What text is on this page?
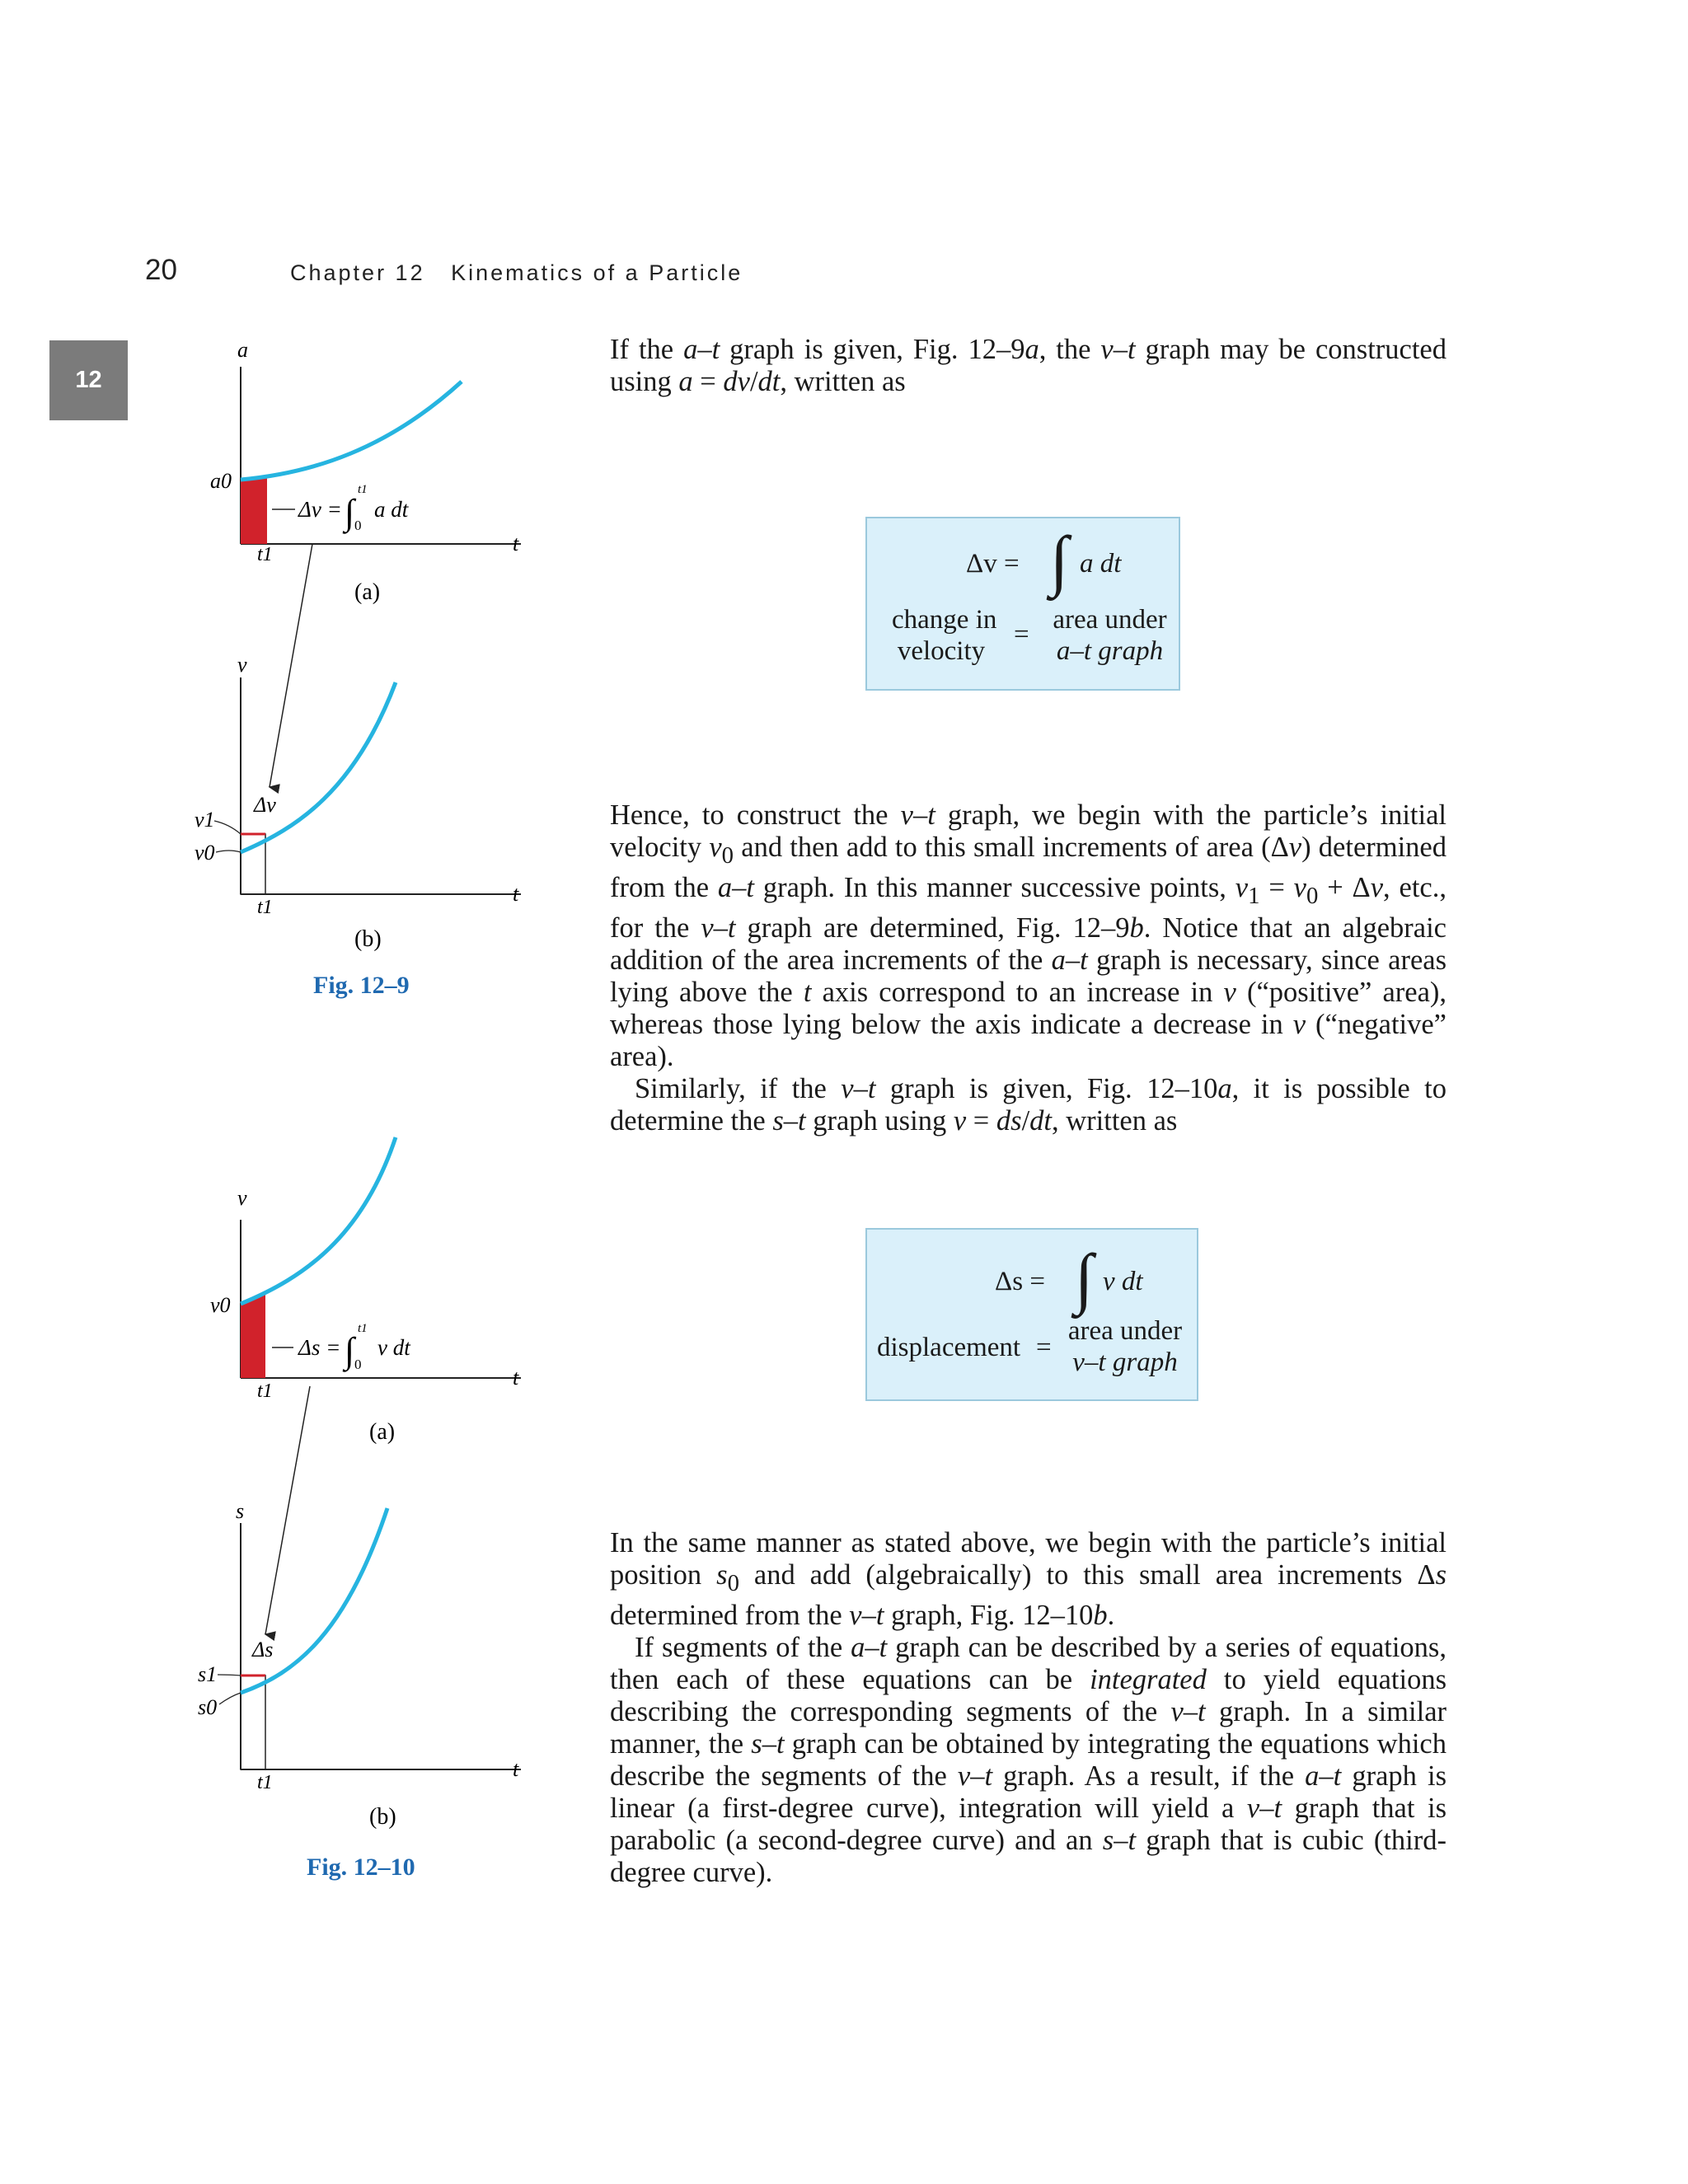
20	Chapter 12 Kinematics of a Particle
12

If the a–t graph is given, Fig. 12–9a, the v–t graph may be constructed using a = dv/dt, written as

Hence, to construct the v–t graph, we begin with the particle’s initial velocity $v_0$ and then add to this small increments of area (Δv) determined from the a–t graph. In this manner successive points, $v_1 = v_0 + \Delta v$, etc., for the v–t graph are determined, Fig. 12–9b. Notice that an algebraic addition of the area increments of the a–t graph is necessary, since areas lying above the t axis correspond to an increase in v (“positive” area), whereas those lying below the axis indicate a decrease in v (“negative” area).

Similarly, if the v–t graph is given, Fig. 12–10a, it is possible to determine the s–t graph using v = ds/dt, written as

In the same manner as stated above, we begin with the particle’s initial position $s_0$ and add (algebraically) to this small area increments Δs determined from the v–t graph, Fig. 12–10b.

If segments of the a–t graph can be described by a series of equations, then each of these equations can be integrated to yield equations describing the corresponding segments of the v–t graph. In a similar manner, the s–t graph can be obtained by integrating the equations which describe the segments of the v–t graph. As a result, if the a–t graph is linear (a first-degree curve), integration will yield a v–t graph that is parabolic (a second-degree curve) and an s–t graph that is cubic (third-degree curve).

Δv = ∫ a dt
change in
velocity
= area under
a–t graph
Δs = ∫ v dt
displacement =
area under
v–t graph
a
t
a0
t1
Δv = ∫
t1
0
a dt
(a)
v
t
v1
v0
Δv
t1
(b)
Fig. 12–9
v
t
v0
t1
Δs = ∫
t1
0
v dt
(a)
s
t
s1
s0
Δs
t1
(b)
Fig. 12–10
